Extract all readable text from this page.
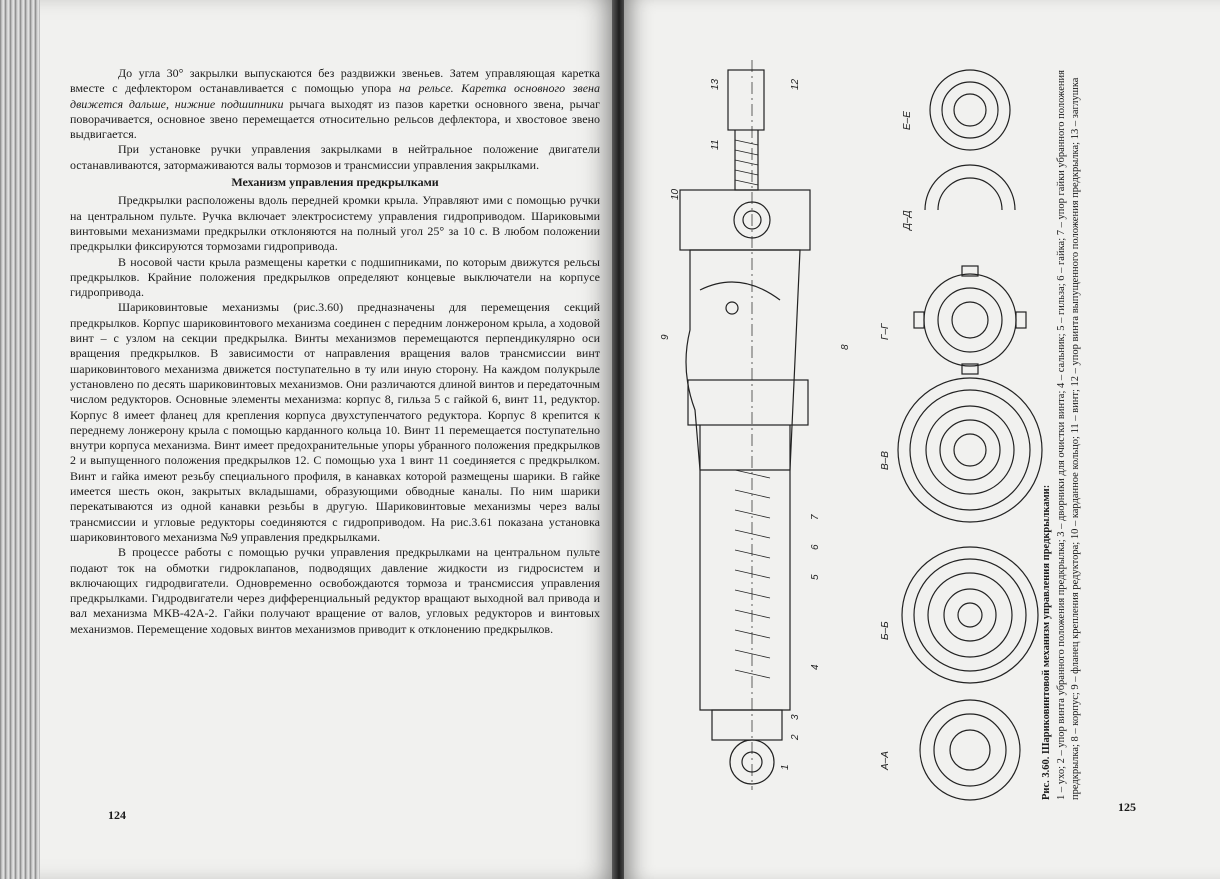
До угла 30° закрылки выпускаются без раздвижки звеньев. Затем управляющая каретка вместе с дефлектором останавливается с помощью упора на рельсе. Каретка основного звена движется дальше, нижние подшипники рычага выходят из пазов каретки основного звена, рычаг поворачивается, основное звено перемещается относительно рельсов дефлектора, и хвостовое звено выдвигается.

При установке ручки управления закрылками в нейтральное положение двигатели останавливаются, затормаживаются валы тормозов и трансмиссии управления закрылками.

Механизм управления предкрылками

Предкрылки расположены вдоль передней кромки крыла. Управляют ими с помощью ручки на центральном пульте. Ручка включает электросистему управления гидроприводом. Шариковыми винтовыми механизмами предкрылки отклоняются на полный угол 25° за 10 с. В любом положении предкрылки фиксируются тормозами гидропривода.

В носовой части крыла размещены каретки с подшипниками, по которым движутся рельсы предкрылков. Крайние положения предкрылков определяют концевые выключатели на корпусе гидропривода.

Шариковинтовые механизмы (рис.3.60) предназначены для перемещения секций предкрылков. Корпус шариковинтового механизма соединен с передним лонжероном крыла, а ходовой винт – с узлом на секции предкрылка. Винты механизмов перемещаются перпендикулярно оси вращения предкрылков. В зависимости от направления вращения валов трансмиссии винт шариковинтового механизма движется поступательно в ту или иную сторону. На каждом полукрыле установлено по десять шариковинтовых механизмов. Они различаются длиной винтов и передаточным числом редукторов. Основные элементы механизма: корпус 8, гильза 5 с гайкой 6, винт 11, редуктор. Корпус 8 имеет фланец для крепления корпуса двухступенчатого редуктора. Корпус 8 крепится к переднему лонжерону крыла с помощью карданного кольца 10. Винт 11 перемещается поступательно внутри корпуса механизма. Винт имеет предохранительные упоры убранного положения предкрылков 2 и выпущенного положения предкрылков 12. С помощью уха 1 винт 11 соединяется с предкрылком. Винт и гайка имеют резьбу специального профиля, в канавках которой размещены шарики. В гайке имеется шесть окон, закрытых вкладышами, образующими обводные каналы. По ним шарики перекатываются из одной канавки резьбы в другую. Шариковинтовые механизмы через валы трансмиссии и угловые редукторы соединяются с гидроприводом. На рис.3.61 показана установка шариковинтового механизма №9 управления предкрылками.

В процессе работы с помощью ручки управления предкрылками на центральном пульте подают ток на обмотки гидроклапанов, подводящих давление жидкости из гидросистем и включающих гидродвигатели. Одновременно освобождаются тормоза и трансмиссия управления предкрылками. Гидродвигатели через дифференциальный редуктор вращают выходной вал привода и вал механизма МКВ-42А-2. Гайки получают вращение от валов, угловых редукторов и винтовых механизмов. Перемещение ходовых винтов механизмов приводит к отклонению предкрылков.

124
13	12
10
11
9
8
7
6
5
4
3
2
1
Е–Е
Д–Д
Г–Г
В–В
Б–Б
А–А	Рис. 3.60. Шариковинтовой механизм управления предкрылками: 1 – ухо; 2 – упор винта убранного положения предкрылка; 3 – дворники для очистки винта; 4 – сальник; 5 – гильза; 6 – гайка; 7 – упор гайки убранного положения предкрылка; 8 – корпус; 9 – фланец крепления редуктора; 10 – карданное кольцо; 11 – винт; 12 – упор винта выпущенного положения предкрылка; 13 – заглушка
125
